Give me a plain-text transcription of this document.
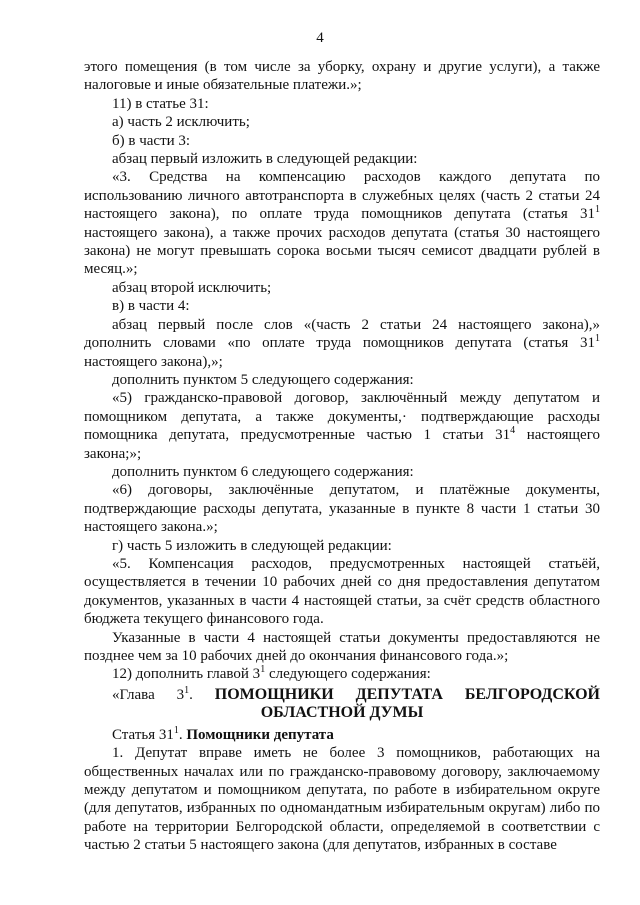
4

этого помещения (в том числе за уборку, охрану и другие услуги), а также налоговые и иные обязательные платежи.»;

11) в статье 31:

а) часть 2 исключить;

б) в части 3:

абзац первый изложить в следующей редакции:

«3. Средства на компенсацию расходов каждого депутата по использованию личного автотранспорта в служебных целях (часть 2 статьи 24 настоящего закона), по оплате труда помощников депутата (статья $31^1$ настоящего закона), а также прочих расходов депутата (статья 30 настоящего закона) не могут превышать сорока восьми тысяч семисот двадцати рублей в месяц.»;

абзац второй исключить;

в) в части 4:

абзац первый после слов «(часть 2 статьи 24 настоящего закона),» дополнить словами «по оплате труда помощников депутата (статья $31^1$ настоящего закона),»;

дополнить пунктом 5 следующего содержания:

«5) гражданско-правовой договор, заключённый между депутатом и помощником депутата, а также документы,· подтверждающие расходы помощника депутата, предусмотренные частью 1 статьи $31^4$ настоящего закона;»;

дополнить пунктом 6 следующего содержания:

«6) договоры, заключённые депутатом, и платёжные документы, подтверждающие расходы депутата, указанные в пункте 8 части 1 статьи 30 настоящего закона.»;

г) часть 5 изложить в следующей редакции:

«5. Компенсация расходов, предусмотренных настоящей статьёй, осуществляется в течении 10 рабочих дней со дня предоставления депутатом документов, указанных в части 4 настоящей статьи, за счёт средств областного бюджета текущего финансового года.

Указанные в части 4 настоящей статьи документы предоставляются не позднее чем за 10 рабочих дней до окончания финансового года.»;

12) дополнить главой $3^1$ следующего содержания:

«Глава $3^1$. ПОМОЩНИКИ ДЕПУТАТА БЕЛГОРОДСКОЙ
ОБЛАСТНОЙ ДУМЫ

Статья $31^1$. Помощники депутата

1. Депутат вправе иметь не более 3 помощников, работающих на общественных началах или по гражданско-правовому договору, заключаемому между депутатом и помощником депутата, по работе в избирательном округе (для депутатов, избранных по одномандатным избирательным округам) либо по работе на территории Белгородской области, определяемой в соответствии с частью 2 статьи 5 настоящего закона (для депутатов, избранных в составе
